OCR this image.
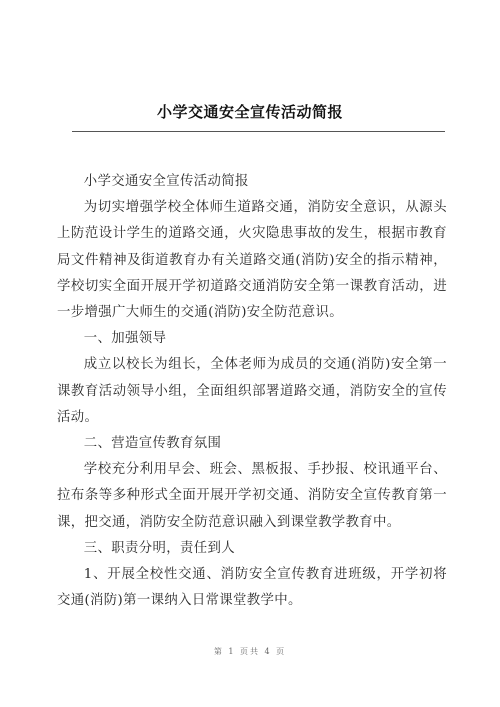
小学交通安全宣传活动简报

小学交通安全宣传活动简报

为切实增强学校全体师生道路交通，消防安全意识，从源头上防范设计学生的道路交通，火灾隐患事故的发生，根据市教育局文件精神及街道教育办有关道路交通(消防)安全的指示精神，学校切实全面开展开学初道路交通消防安全第一课教育活动，进一步增强广大师生的交通(消防)安全防范意识。

一、加强领导

成立以校长为组长，全体老师为成员的交通(消防)安全第一课教育活动领导小组，全面组织部署道路交通，消防安全的宣传活动。

二、营造宣传教育氛围

学校充分利用早会、班会、黑板报、手抄报、校讯通平台、拉布条等多种形式全面开展开学初交通、消防安全宣传教育第一课，把交通，消防安全防范意识融入到课堂教学教育中。

三、职责分明，责任到人

1、开展全校性交通、消防安全宣传教育进班级，开学初将交通(消防)第一课纳入日常课堂教学中。

第 1 页共 4 页
